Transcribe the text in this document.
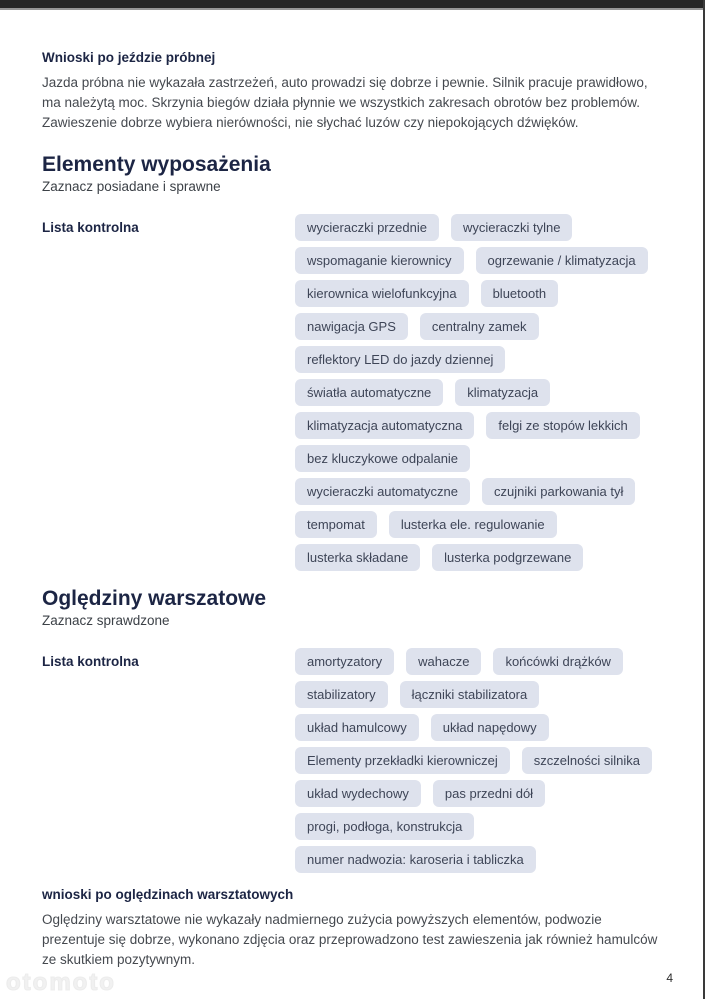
Wnioski po jeździe próbnej

Jazda próbna nie wykazała zastrzeżeń, auto prowadzi się dobrze i pewnie. Silnik pracuje prawidłowo, ma należytą moc. Skrzynia biegów działa płynnie we wszystkich zakresach obrotów bez problemów. Zawieszenie dobrze wybiera nierówności, nie słychać luzów czy niepokojących dźwięków.

Elementy wyposażenia
Zaznacz posiadane i sprawne
Lista kontrolna	wycieraczki przednie	wycieraczki tylne
wspomaganie kierownicy	ogrzewanie / klimatyzacja
kierownica wielofunkcyjna	bluetooth
nawigacja GPS	centralny zamek
reflektory LED do jazdy dziennej
światła automatyczne	klimatyzacja
klimatyzacja automatyczna	felgi ze stopów lekkich
bez kluczykowe odpalanie
wycieraczki automatyczne	czujniki parkowania tył
tempomat	lusterka ele. regulowanie
lusterka składane	lusterka podgrzewane
Oględziny warszatowe
Zaznacz sprawdzone
Lista kontrolna	amortyzatory	wahacze	końcówki drążków
stabilizatory	łączniki stabilizatora
układ hamulcowy	układ napędowy
Elementy przekładki kierowniczej	szczelności silnika
układ wydechowy	pas przedni dół
progi, podłoga, konstrukcja
numer nadwozia: karoseria i tabliczka
wnioski po oględzinach warsztatowych

Oględziny warsztatowe nie wykazały nadmiernego zużycia powyższych elementów, podwozie prezentuje się dobrze, wykonano zdjęcia oraz przeprowadzono test zawieszenia jak również hamulców ze skutkiem pozytywnym.

otomoto	4
